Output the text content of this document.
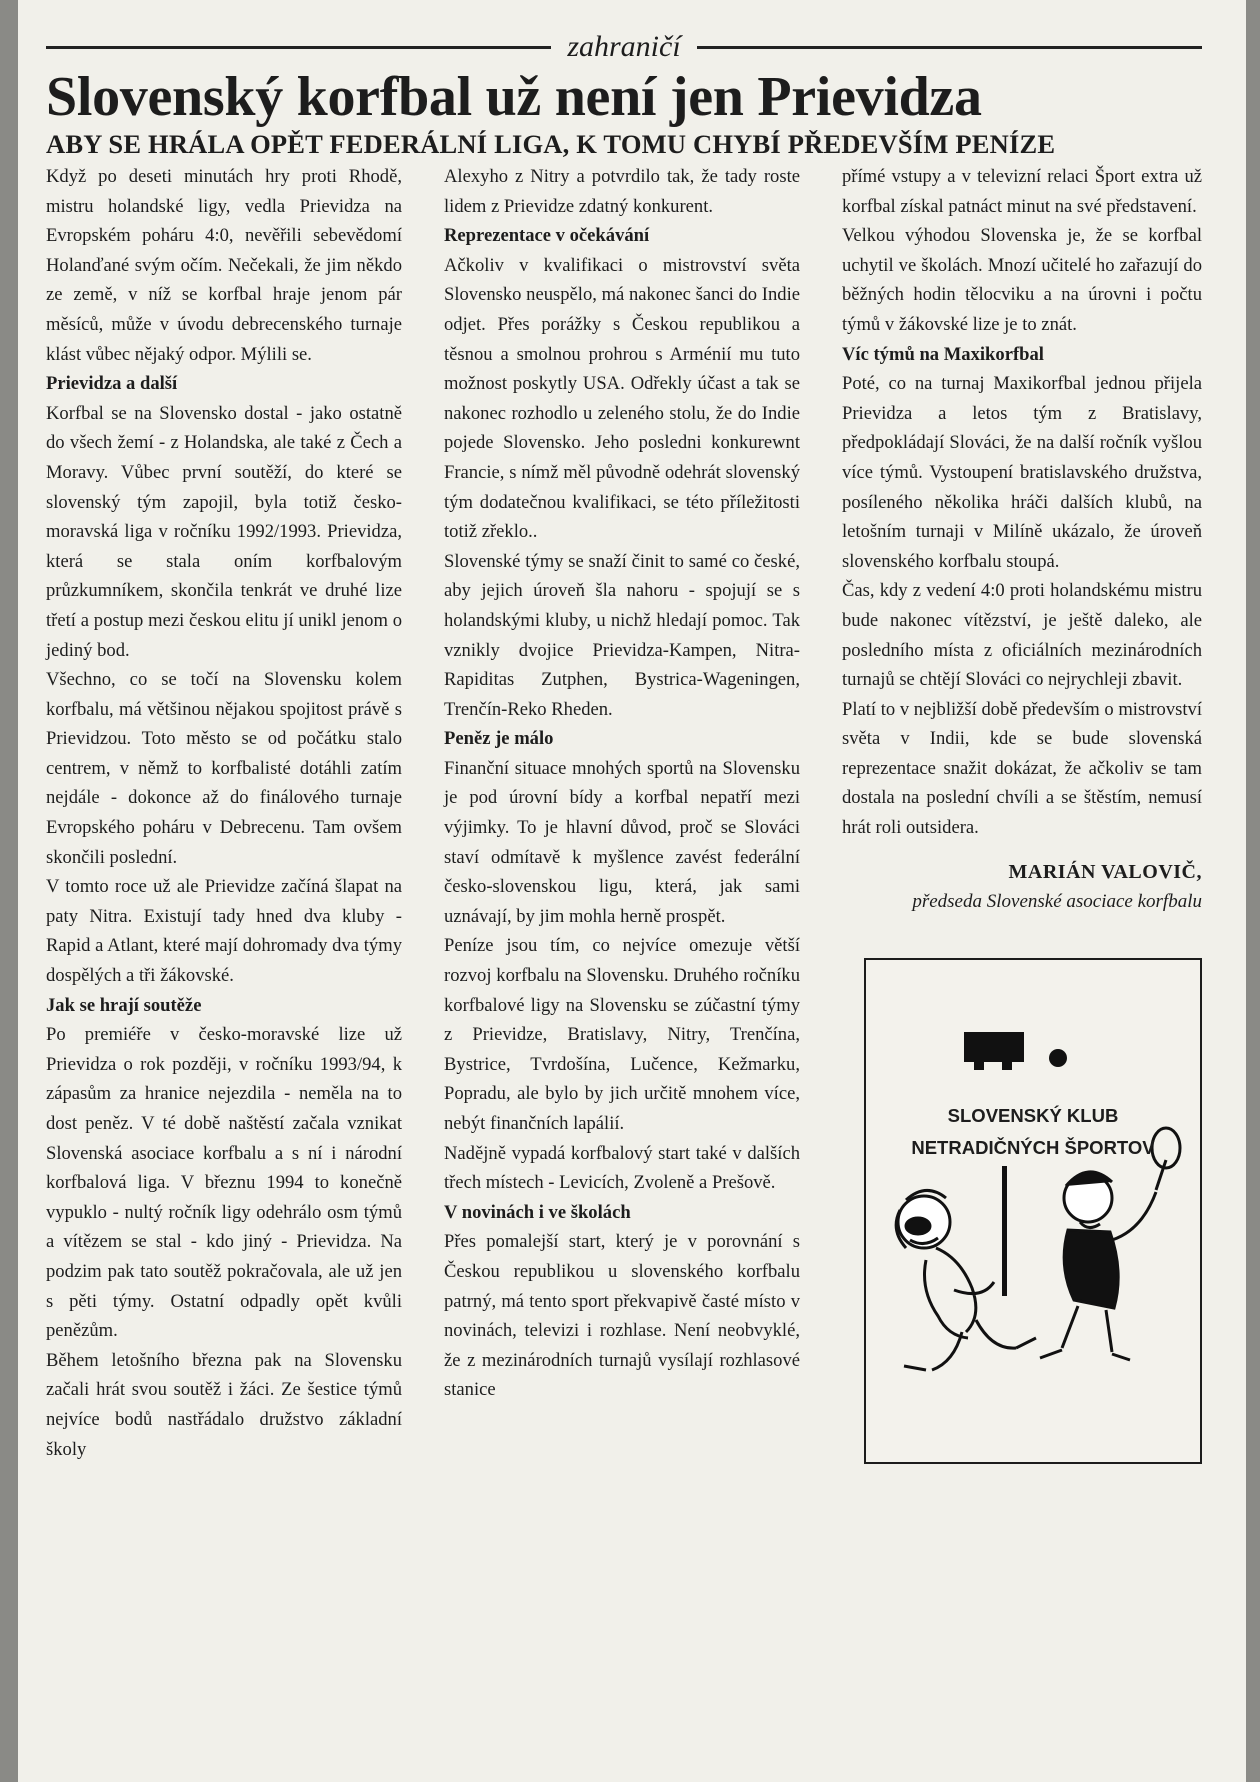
zahraničí
Slovenský korfbal už není jen Prievidza
ABY SE HRÁLA OPĚT FEDERÁLNÍ LIGA, K TOMU CHYBÍ PŘEDEVŠÍM PENÍZE

Když po deseti minutách hry proti Rhodě, mistru holandské ligy, vedla Prievidza na Evropském poháru 4:0, nevěřili sebevědomí Holanďané svým očím. Nečekali, že jim někdo ze země, v níž se korfbal hraje jenom pár měsíců, může v úvodu debrecenského turnaje klást vůbec nějaký odpor. Mýlili se.

Prievidza a další

Korfbal se na Slovensko dostal - jako ostatně do všech žemí - z Holandska, ale také z Čech a Moravy. Vůbec první soutěží, do které se slovenský tým zapojil, byla totiž česko-moravská liga v ročníku 1992/1993. Prievidza, která se stala oním korfbalovým průzkumníkem, skončila tenkrát ve druhé lize třetí a postup mezi českou elitu jí unikl jenom o jediný bod.

Všechno, co se točí na Slovensku kolem korfbalu, má většinou nějakou spojitost právě s Prievidzou. Toto město se od počátku stalo centrem, v němž to korfbalisté dotáhli zatím nejdále - dokonce až do finálového turnaje Evropského poháru v Debrecenu. Tam ovšem skončili poslední.

V tomto roce už ale Prievidze začíná šlapat na paty Nitra. Existují tady hned dva kluby - Rapid a Atlant, které mají dohromady dva týmy dospělých a tři žákovské.

Jak se hrají soutěže

Po premiéře v česko-moravské lize už Prievidza o rok později, v ročníku 1993/94, k zápasům za hranice nejezdila - neměla na to dost peněz. V té době naštěstí začala vznikat Slovenská asociace korfbalu a s ní i národní korfbalová liga. V březnu 1994 to konečně vypuklo - nultý ročník ligy odehrálo osm týmů a vítězem se stal - kdo jiný - Prievidza. Na podzim pak tato soutěž pokračovala, ale už jen s pěti týmy. Ostatní odpadly opět kvůli penězům.

Během letošního března pak na Slovensku začali hrát svou soutěž i žáci. Ze šestice týmů nejvíce bodů nastřádalo družstvo základní školy

Alexyho z Nitry a potvrdilo tak, že tady roste lidem z Prievidze zdatný konkurent.

Reprezentace v očekávání

Ačkoliv v kvalifikaci o mistrovství světa Slovensko neuspělo, má nakonec šanci do Indie odjet. Přes porážky s Českou republikou a těsnou a smolnou prohrou s Arménií mu tuto možnost poskytly USA. Odřekly účast a tak se nakonec rozhodlo u zeleného stolu, že do Indie pojede Slovensko. Jeho posledni konkurewnt Francie, s nímž měl původně odehrát slovenský tým dodatečnou kvalifikaci, se této příležitosti totiž zřeklo..

Slovenské týmy se snaží činit to samé co české, aby jejich úroveň šla nahoru - spojují se s holandskými kluby, u nichž hledají pomoc. Tak vznikly dvojice Prievidza-Kampen, Nitra-Rapiditas Zutphen, Bystrica-Wageningen, Trenčín-Reko Rheden.

Peněz je málo

Finanční situace mnohých sportů na Slovensku je pod úrovní bídy a korfbal nepatří mezi výjimky. To je hlavní důvod, proč se Slováci staví odmítavě k myšlence zavést federální česko-slovenskou ligu, která, jak sami uznávají, by jim mohla herně prospět.

Peníze jsou tím, co nejvíce omezuje větší rozvoj korfbalu na Slovensku. Druhého ročníku korfbalové ligy na Slovensku se zúčastní týmy z Prievidze, Bratislavy, Nitry, Trenčína, Bystrice, Tvrdošína, Lučence, Kežmarku, Popradu, ale bylo by jich určitě mnohem více, nebýt finančních lapálií.

Nadějně vypadá korfbalový start také v dalších třech místech - Levicích, Zvoleně a Prešově.

V novinách i ve školách

Přes pomalejší start, který je v porovnání s Českou republikou u slovenského korfbalu patrný, má tento sport překvapivě časté místo v novinách, televizi i rozhlase. Není neobvyklé, že z mezinárodních turnajů vysílají rozhlasové stanice

přímé vstupy a v televizní relaci Šport extra už korfbal získal patnáct minut na své představení.

Velkou výhodou Slovenska je, že se korfbal uchytil ve školách. Mnozí učitelé ho zařazují do běžných hodin tělocviku a na úrovni i počtu týmů v žákovské lize je to znát.

Víc týmů na Maxikorfbal

Poté, co na turnaj Maxikorfbal jednou přijela Prievidza a letos tým z Bratislavy, předpokládají Slováci, že na další ročník vyšlou více týmů. Vystoupení bratislavského družstva, posíleného několika hráči dalších klubů, na letošním turnaji v Milíně ukázalo, že úroveň slovenského korfbalu stoupá.

Čas, kdy z vedení 4:0 proti holandskému mistru bude nakonec vítězství, je ještě daleko, ale posledního místa z oficiálních mezinárodních turnajů se chtějí Slováci co nejrychleji zbavit.

Platí to v nejbližší době především o mistrovství světa v Indii, kde se bude slovenská reprezentace snažit dokázat, že ačkoliv se tam dostala na poslední chvíli a se štěstím, nemusí hrát roli outsidera.

MARIÁN VALOVIČ,
předseda Slovenské asociace korfbalu
SLOVENSKÝ KLUB
NETRADIČNÝCH ŠPORTOV
